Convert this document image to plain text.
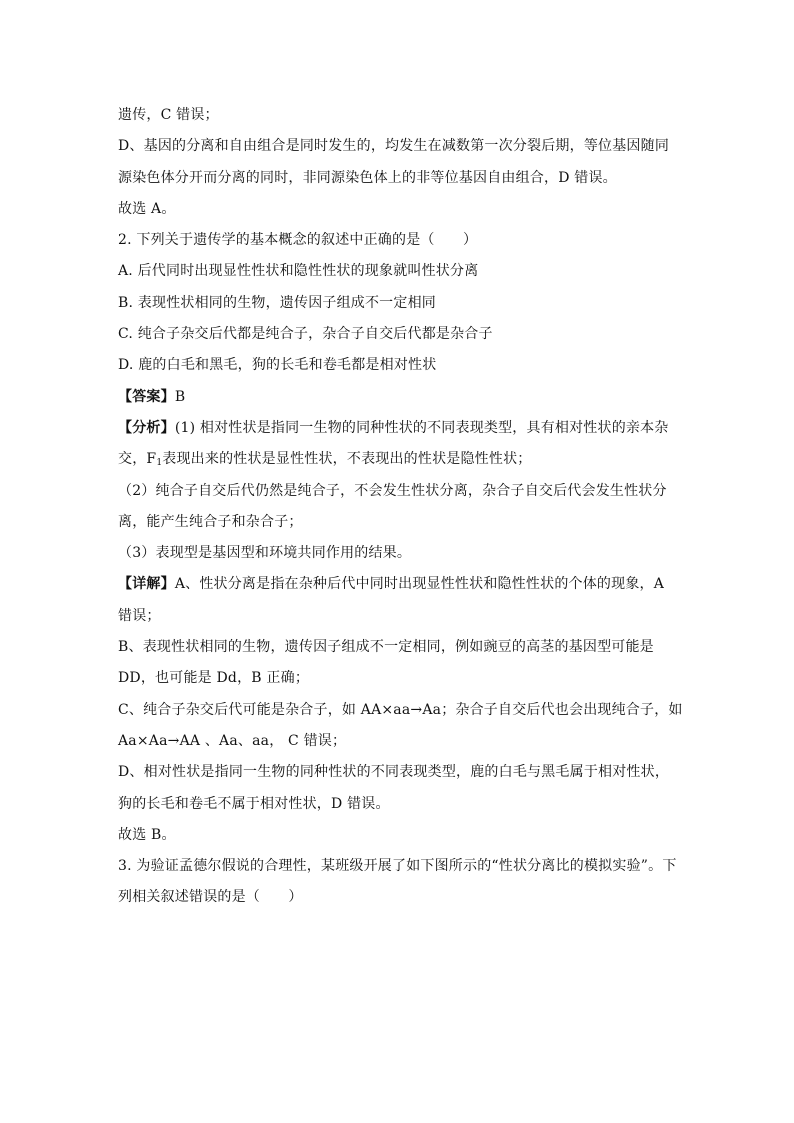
遗传，C 错误；
D、基因的分离和自由组合是同时发生的，均发生在减数第一次分裂后期，等位基因随同
源染色体分开而分离的同时，非同源染色体上的非等位基因自由组合，D 错误。
故选 A。
2. 下列关于遗传学的基本概念的叙述中正确的是（　　）
A. 后代同时出现显性性状和隐性性状的现象就叫性状分离
B. 表现性状相同的生物，遗传因子组成不一定相同
C. 纯合子杂交后代都是纯合子，杂合子自交后代都是杂合子
D. 鹿的白毛和黑毛，狗的长毛和卷毛都是相对性状
【答案】B
【分析】(1) 相对性状是指同一生物的同种性状的不同表现类型，具有相对性状的亲本杂
交，$F_1$表现出来的性状是显性性状，不表现出的性状是隐性性状；
（2）纯合子自交后代仍然是纯合子，不会发生性状分离，杂合子自交后代会发生性状分
离，能产生纯合子和杂合子；
（3）表现型是基因型和环境共同作用的结果。
【详解】A、性状分离是指在杂种后代中同时出现显性性状和隐性性状的个体的现象，A
错误；
B、表现性状相同的生物，遗传因子组成不一定相同，例如豌豆的高茎的基因型可能是
DD，也可能是 Dd，B 正确；
C、纯合子杂交后代可能是杂合子，如 AA×aa→Aa；杂合子自交后代也会出现纯合子，如
Aa×Aa→AA 、Aa、aa， C 错误；
D、相对性状是指同一生物的同种性状的不同表现类型，鹿的白毛与黑毛属于相对性状，
狗的长毛和卷毛不属于相对性状，D 错误。
故选 B。
3. 为验证孟德尔假说的合理性，某班级开展了如下图所示的“性状分离比的模拟实验”。下
列相关叙述错误的是（　　）
